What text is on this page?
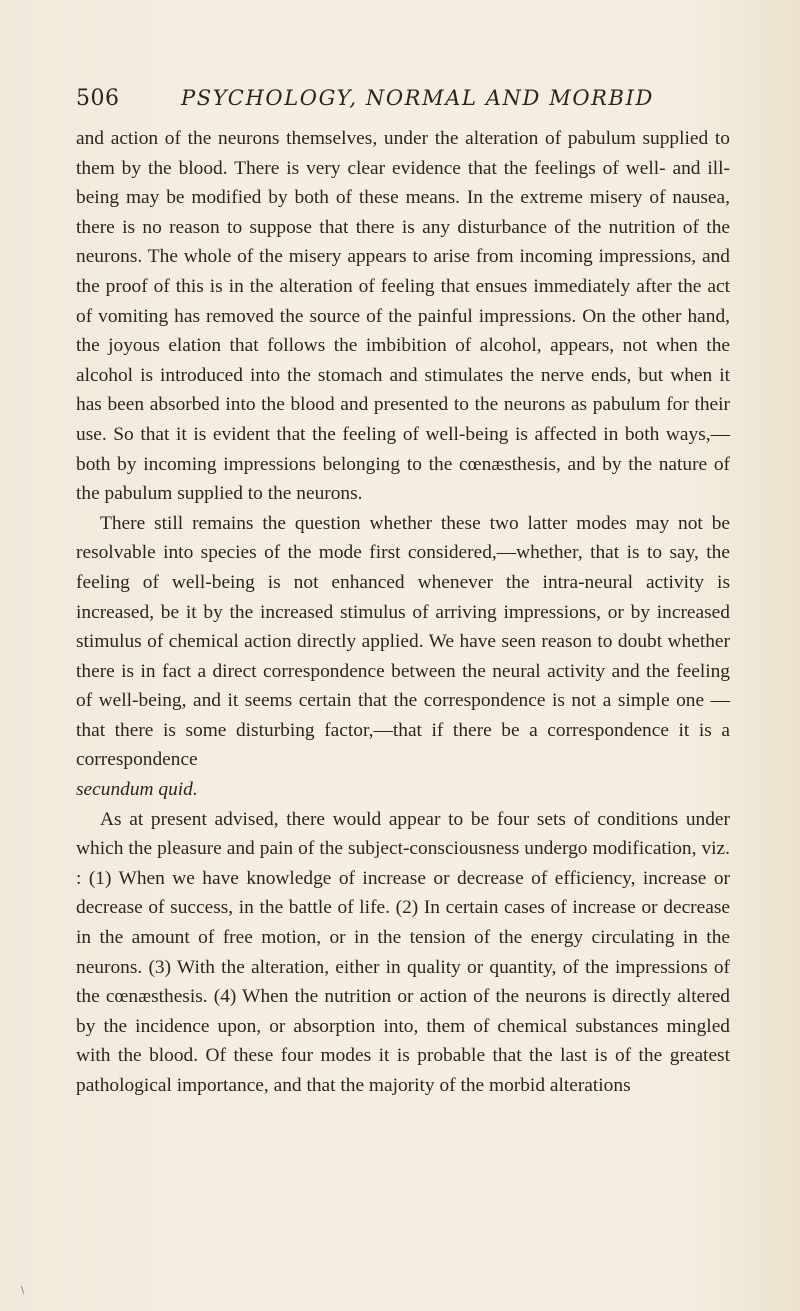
506	PSYCHOLOGY, NORMAL AND MORBID

and action of the neurons themselves, under the alteration of pabulum supplied to them by the blood. There is very clear evidence that the feelings of well- and ill-being may be modified by both of these means. In the extreme misery of nausea, there is no reason to suppose that there is any disturbance of the nutrition of the neurons. The whole of the misery appears to arise from incoming impressions, and the proof of this is in the alteration of feeling that ensues immediately after the act of vomiting has removed the source of the painful impressions. On the other hand, the joyous elation that follows the imbibition of alcohol, appears, not when the alcohol is introduced into the stomach and stimulates the nerve ends, but when it has been absorbed into the blood and presented to the neurons as pabulum for their use. So that it is evident that the feeling of well-being is affected in both ways,—both by incoming impressions belonging to the cœnæsthesis, and by the nature of the pabulum supplied to the neurons.

There still remains the question whether these two latter modes may not be resolvable into species of the mode first considered,—whether, that is to say, the feeling of well-being is not enhanced whenever the intra-neural activity is increased, be it by the increased stimulus of arriving impressions, or by increased stimulus of chemical action directly applied. We have seen reason to doubt whether there is in fact a direct correspondence between the neural activity and the feeling of well-being, and it seems certain that the correspondence is not a simple one — that there is some disturbing factor,—that if there be a correspondence it is a correspondence
secundum quid.

As at present advised, there would appear to be four sets of conditions under which the pleasure and pain of the subject-consciousness undergo modification, viz. : (1) When we have knowledge of increase or decrease of efficiency, increase or decrease of success, in the battle of life. (2) In certain cases of increase or decrease in the amount of free motion, or in the tension of the energy circulating in the neurons. (3) With the alteration, either in quality or quantity, of the impressions of the cœnæsthesis. (4) When the nutrition or action of the neurons is directly altered by the incidence upon, or absorption into, them of chemical substances mingled with the blood. Of these four modes it is probable that the last is of the greatest pathological importance, and that the majority of the morbid alterations

\
